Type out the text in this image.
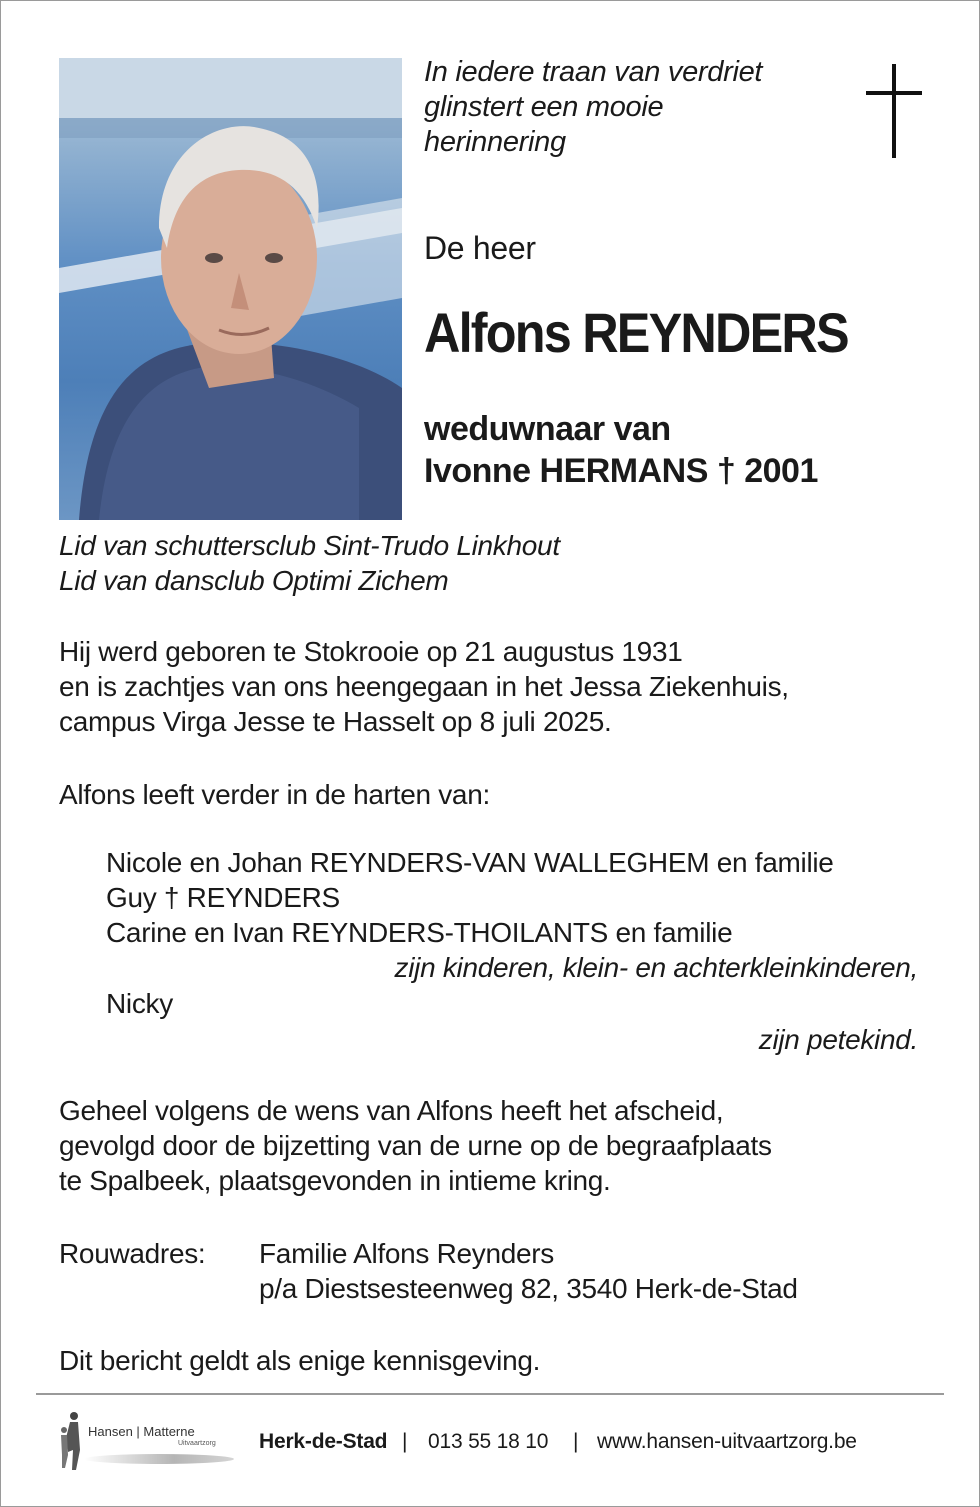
In iedere traan van verdriet
glinstert een mooie
herinnering
De heer
Alfons REYNDERS
weduwnaar van
Ivonne HERMANS † 2001
Lid van schuttersclub Sint-Trudo Linkhout
Lid van dansclub Optimi Zichem
Hij werd geboren te Stokrooie op 21 augustus 1931
en is zachtjes van ons heengegaan in het Jessa Ziekenhuis,
campus Virga Jesse te Hasselt op 8 juli 2025.
Alfons leeft verder in de harten van:
Nicole en Johan REYNDERS-VAN WALLEGHEM en familie
Guy † REYNDERS
Carine en Ivan REYNDERS-THOILANTS en familie
zijn kinderen, klein- en achterkleinkinderen,
Nicky
zijn petekind.
Geheel volgens de wens van Alfons heeft het afscheid,
gevolgd door de bijzetting van de urne op de begraafplaats
te Spalbeek, plaatsgevonden in intieme kring.
Rouwadres: Familie Alfons Reynders
p/a Diestsesteenweg 82, 3540 Herk-de-Stad
Dit bericht geldt als enige kennisgeving.
Hansen | Matterne
Uitvaartzorg Herk-de-Stad | 013 55 18 10 | www.hansen-uitvaartzorg.be
